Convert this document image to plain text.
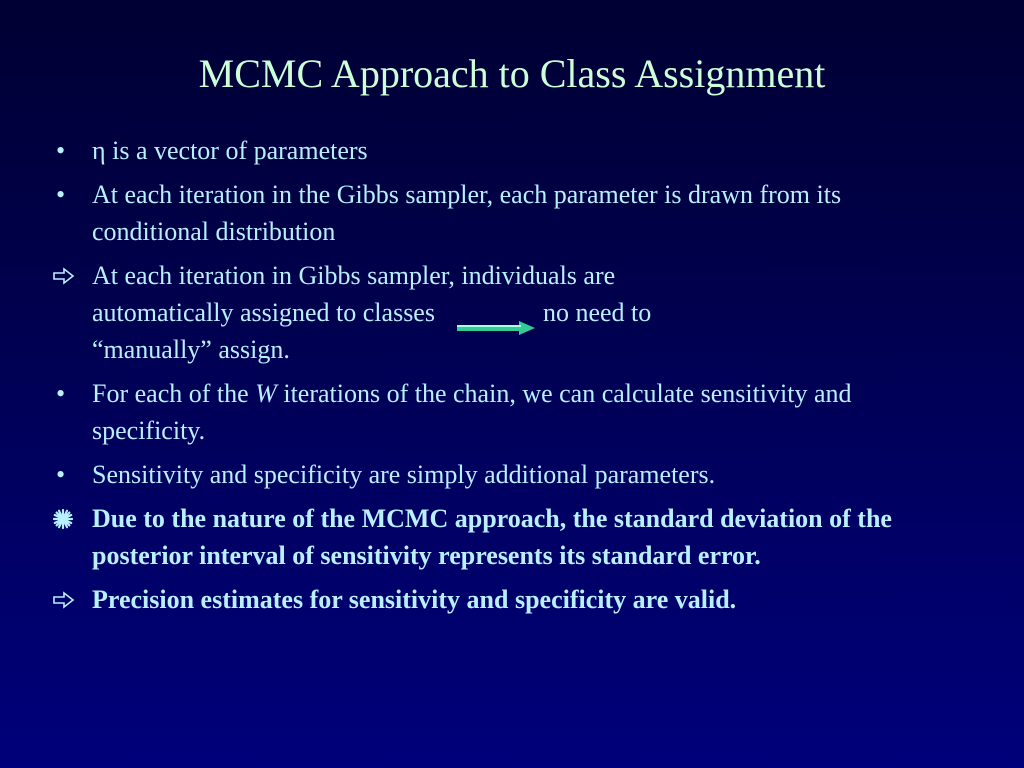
MCMC Approach to Class Assignment
• η is a vector of parameters
• At each iteration in the Gibbs sampler, each parameter is drawn from its conditional distribution
At each iteration in Gibbs sampler, individuals are
automatically assigned to classes	no need to
“manually” assign.
• For each of the W iterations of the chain, we can calculate sensitivity and specificity.
• Sensitivity and specificity are simply additional parameters.
Due to the nature of the MCMC approach, the standard deviation of the posterior interval of sensitivity represents its standard error.
Precision estimates for sensitivity and specificity are valid.
